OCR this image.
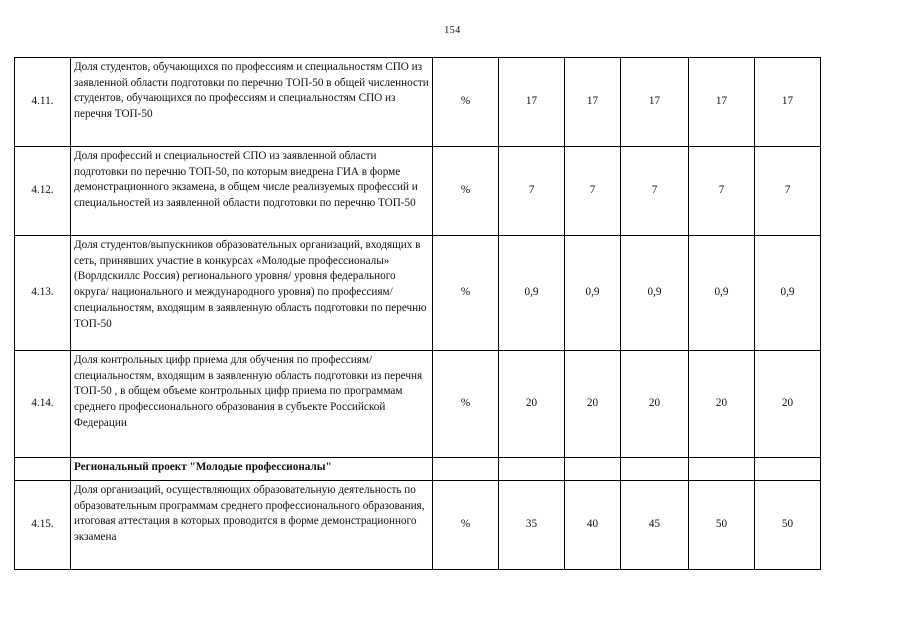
154
4.11.	Доля студентов, обучающихся по профессиям и специальностям СПО из заявленной области подготовки по перечню ТОП-50 в общей численности студентов, обучающихся по профессиям и специальностям СПО из перечня ТОП-50	%	17	17	17	17	17
4.12.	Доля профессий и специальностей СПО из заявленной области подготовки по перечню ТОП-50, по которым внедрена ГИА в форме демонстрационного экзамена, в общем числе реализуемых профессий и специальностей из заявленной области подготовки по перечню ТОП-50	%	7	7	7	7	7
4.13.	Доля студентов/выпускников образовательных организаций, входящих в сеть, принявших участие в конкурсах «Молодые профессионалы» (Ворлдскиллс Россия) регионального уровня/ уровня федерального округа/ национального и международного уровня) по профессиям/ специальностям, входящим в заявленную область подготовки по перечню ТОП-50	%	0,9	0,9	0,9	0,9	0,9
4.14.	Доля контрольных цифр приема для обучения по профессиям/ специальностям, входящим в заявленную область подготовки из перечня ТОП-50 , в общем объеме контрольных цифр приема по программам среднего профессионального образования в субъекте Российской Федерации	%	20	20	20	20	20
	Региональный проект "Молодые профессионалы"						
4.15.	Доля организаций, осуществляющих образовательную деятельность по образовательным программам среднего профессионального образования, итоговая аттестация в которых проводится в форме демонстрационного экзамена	%	35	40	45	50	50
